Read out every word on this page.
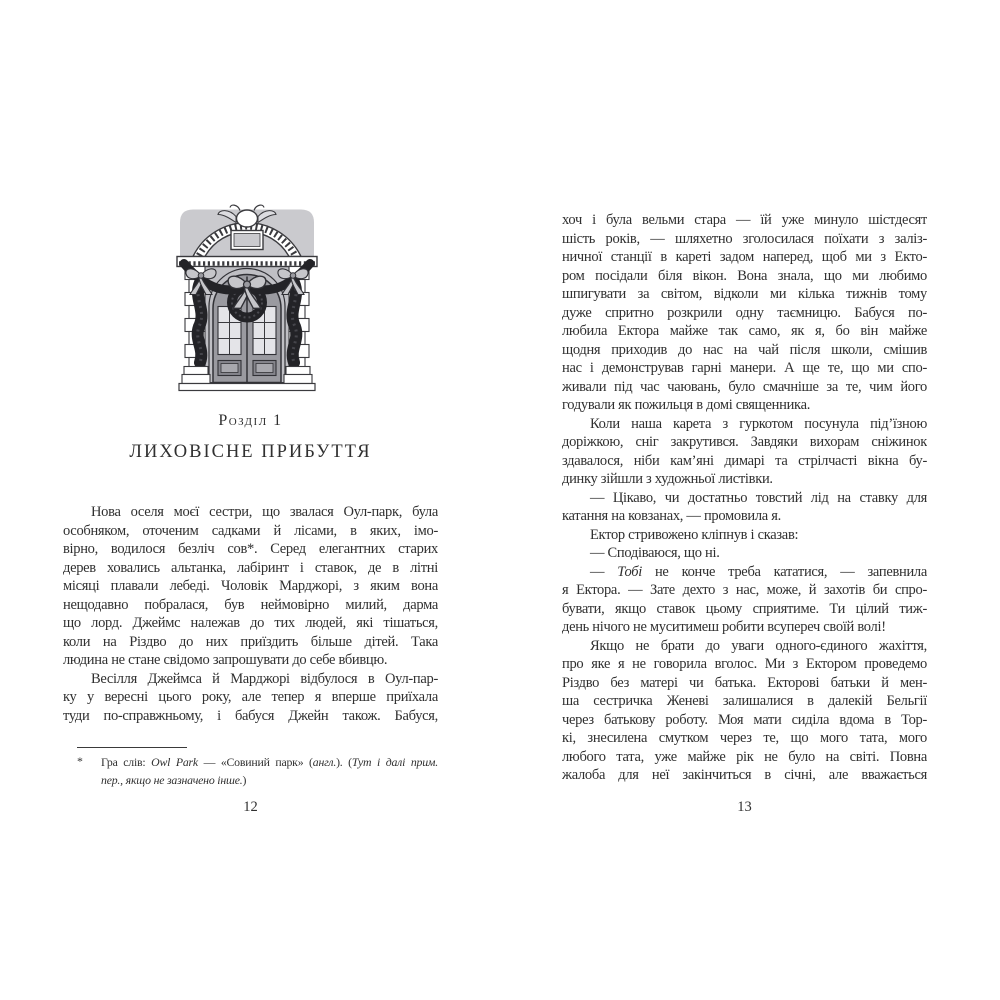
Розділ 1
ЛИХОВІСНЕ ПРИБУТТЯ
Нова оселя моєї сестри, що звалася Оул-парк, була
особняком, оточеним садками й лісами, в яких, імо-
вірно, водилося безліч сов*. Серед елегантних старих
дерев ховались альтанка, лабіринт і ставок, де в літні
місяці плавали лебеді. Чоловік Марджорі, з яким вона
нещодавно побралася, був неймовірно милий, дарма
що лорд. Джеймс належав до тих людей, які тішаться,
коли на Різдво до них приїздить більше дітей. Така
людина не стане свідомо запрошувати до себе вбивцю.
Весілля Джеймса й Марджорі відбулося в Оул-пар-
ку у вересні цього року, але тепер я вперше приїхала
туди по-справжньому, і бабуся Джейн також. Бабуся,
*	Гра слів: Owl Park — «Совиний парк» (англ.). (Тут і далі прим.
пер., якщо не зазначено інше.)
12
хоч і була вельми стара — їй уже минуло шістдесят
шість років, — шляхетно зголосилася поїхати з заліз-
ничної станції в кареті задом наперед, щоб ми з Екто-
ром посідали біля вікон. Вона знала, що ми любимо
шпигувати за світом, відколи ми кілька тижнів тому
дуже спритно розкрили одну таємницю. Бабуся по-
любила Ектора майже так само, як я, бо він майже
щодня приходив до нас на чай після школи, смішив
нас і демонстрував гарні манери. А ще те, що ми спо-
живали під час чаювань, було смачніше за те, чим його
годували як пожильця в домі священника.
Коли наша карета з гуркотом посунула під’їзною
доріжкою, сніг закрутився. Завдяки вихорам сніжинок
здавалося, ніби кам’яні димарі та стрілчасті вікна бу-
динку зійшли з художньої листівки.
— Цікаво, чи достатньо товстий лід на ставку для
катання на ковзанах, — промовила я.
Ектор стривожено кліпнув і сказав:
— Сподіваюся, що ні.
— Тобі не конче треба кататися, — запевнила
я Ектора. — Зате дехто з нас, може, й захотів би спро-
бувати, якщо ставок цьому сприятиме. Ти цілий тиж-
день нічого не муситимеш робити всупереч своїй волі!
Якщо не брати до уваги одного-єдиного жахіття,
про яке я не говорила вголос. Ми з Ектором проведемо
Різдво без матері чи батька. Екторові батьки й мен-
ша сестричка Женеві залишалися в далекій Бельгії
через батькову роботу. Моя мати сиділа вдома в Тор-
кі, знесилена смутком через те, що мого тата, мого
любого тата, уже майже рік не було на світі. Повна
жалоба для неї закінчиться в січні, але вважається
13
